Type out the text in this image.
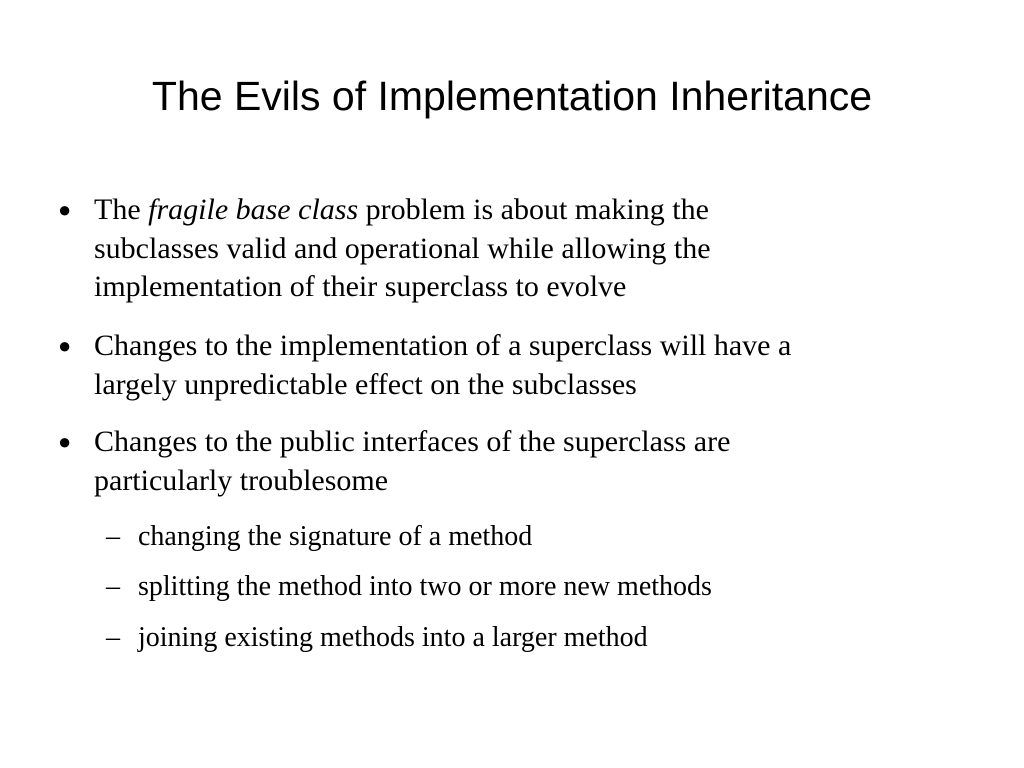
The Evils of Implementation Inheritance
● The fragile base class problem is about making the
subclasses valid and operational while allowing the
implementation of their superclass to evolve
● Changes to the implementation of a superclass will have a
largely unpredictable effect on the subclasses
● Changes to the public interfaces of the superclass are
particularly troublesome
– changing the signature of a method
– splitting the method into two or more new methods
– joining existing methods into a larger method
